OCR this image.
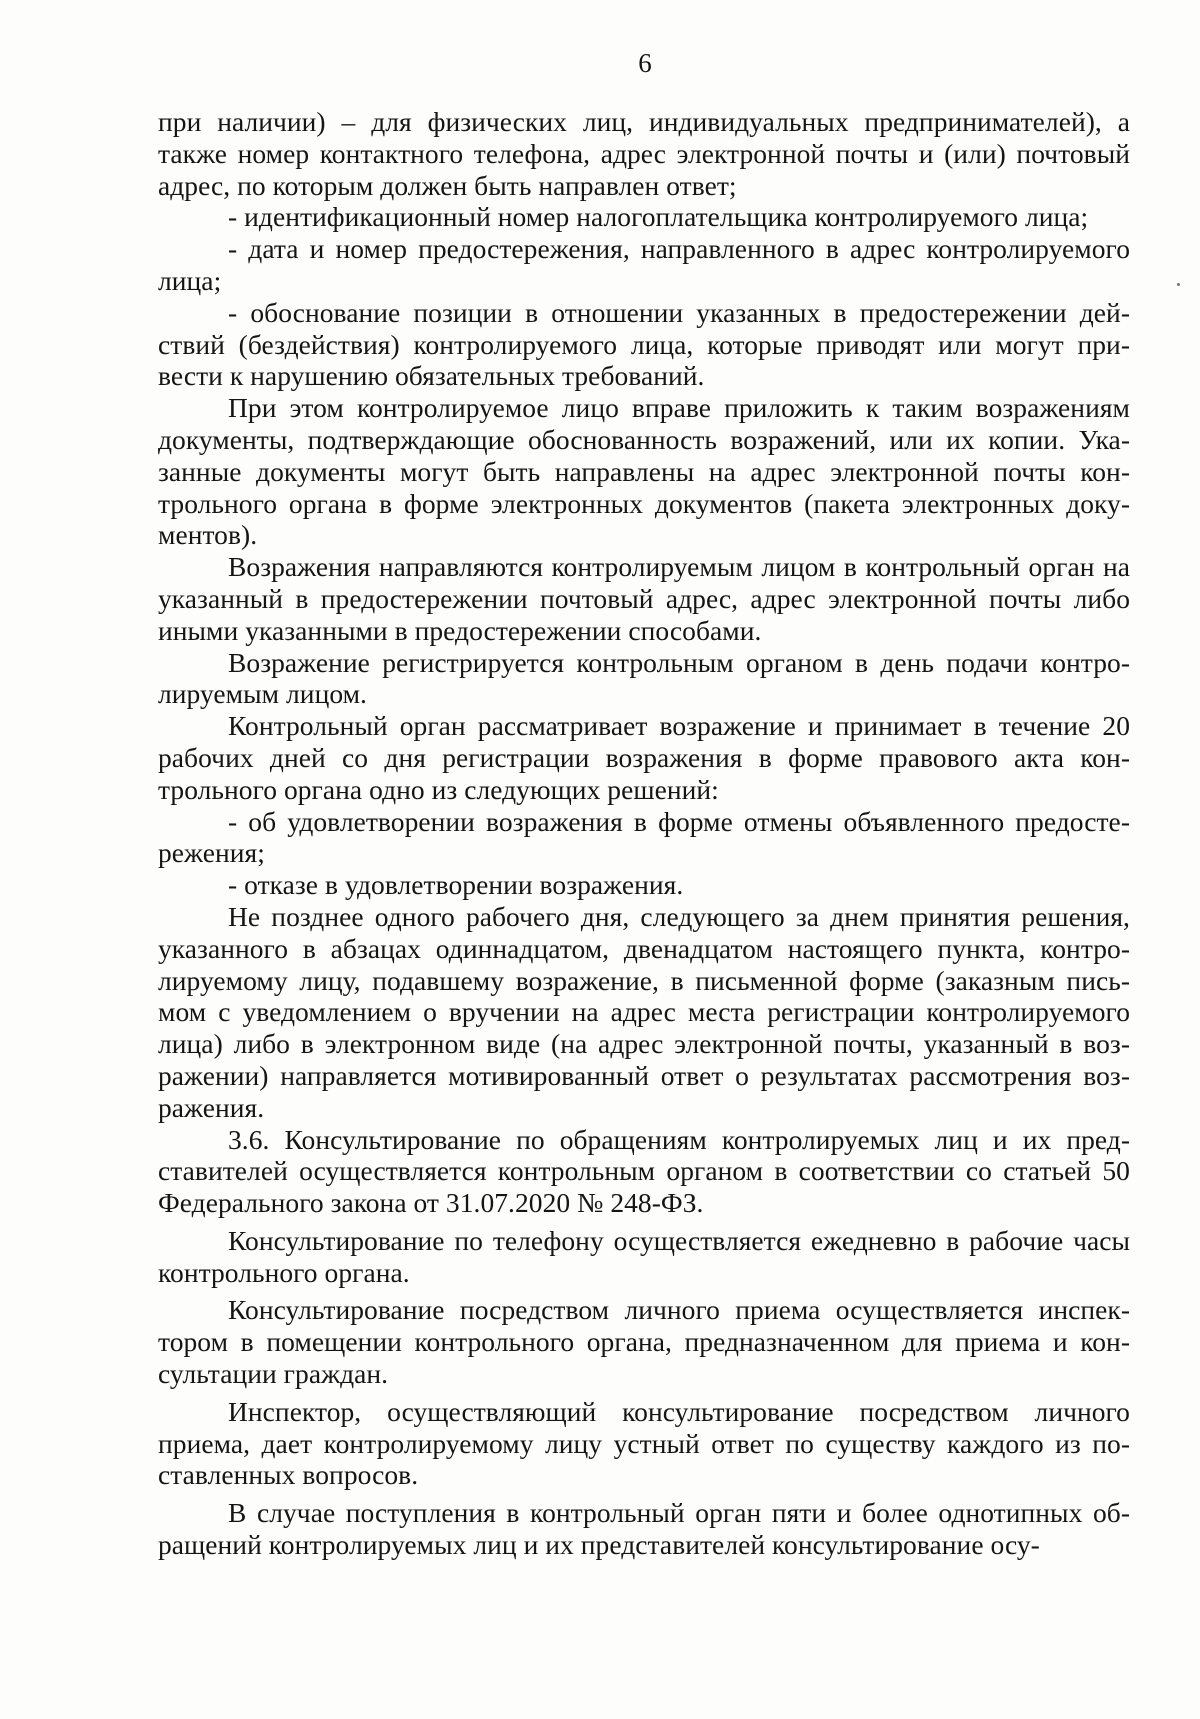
6

при наличии) – для физических лиц, индивидуальных предпринимателей), а также номер контактного телефона, адрес электронной почты и (или) почтовый адрес, по которым должен быть направлен ответ;

- идентификационный номер налогоплательщика контролируемого лица;

- дата и номер предостережения, направленного в адрес контролируемого лица;

- обоснование позиции в отношении указанных в предостережении действий (бездействия) контролируемого лица, которые приводят или могут привести к нарушению обязательных требований.

При этом контролируемое лицо вправе приложить к таким возражениям документы, подтверждающие обоснованность возражений, или их копии. Указанные документы могут быть направлены на адрес электронной почты контрольного органа в форме электронных документов (пакета электронных документов).

Возражения направляются контролируемым лицом в контрольный орган на указанный в предостережении почтовый адрес, адрес электронной почты либо иными указанными в предостережении способами.

Возражение регистрируется контрольным органом в день подачи контролируемым лицом.

Контрольный орган рассматривает возражение и принимает в течение 20 рабочих дней со дня регистрации возражения в форме правового акта контрольного органа одно из следующих решений:

- об удовлетворении возражения в форме отмены объявленного предостережения;

- отказе в удовлетворении возражения.

Не позднее одного рабочего дня, следующего за днем принятия решения, указанного в абзацах одиннадцатом, двенадцатом настоящего пункта, контролируемому лицу, подавшему возражение, в письменной форме (заказным письмом с уведомлением о вручении на адрес места регистрации контролируемого лица) либо в электронном виде (на адрес электронной почты, указанный в возражении) направляется мотивированный ответ о результатах рассмотрения возражения.

3.6. Консультирование по обращениям контролируемых лиц и их представителей осуществляется контрольным органом в соответствии со статьей 50 Федерального закона от 31.07.2020 № 248-ФЗ.

Консультирование по телефону осуществляется ежедневно в рабочие часы контрольного органа.

Консультирование посредством личного приема осуществляется инспектором в помещении контрольного органа, предназначенном для приема и консультации граждан.

Инспектор, осуществляющий консультирование посредством личного приема, дает контролируемому лицу устный ответ по существу каждого из поставленных вопросов.

В случае поступления в контрольный орган пяти и более однотипных обращений контролируемых лиц и их представителей консультирование осу-
